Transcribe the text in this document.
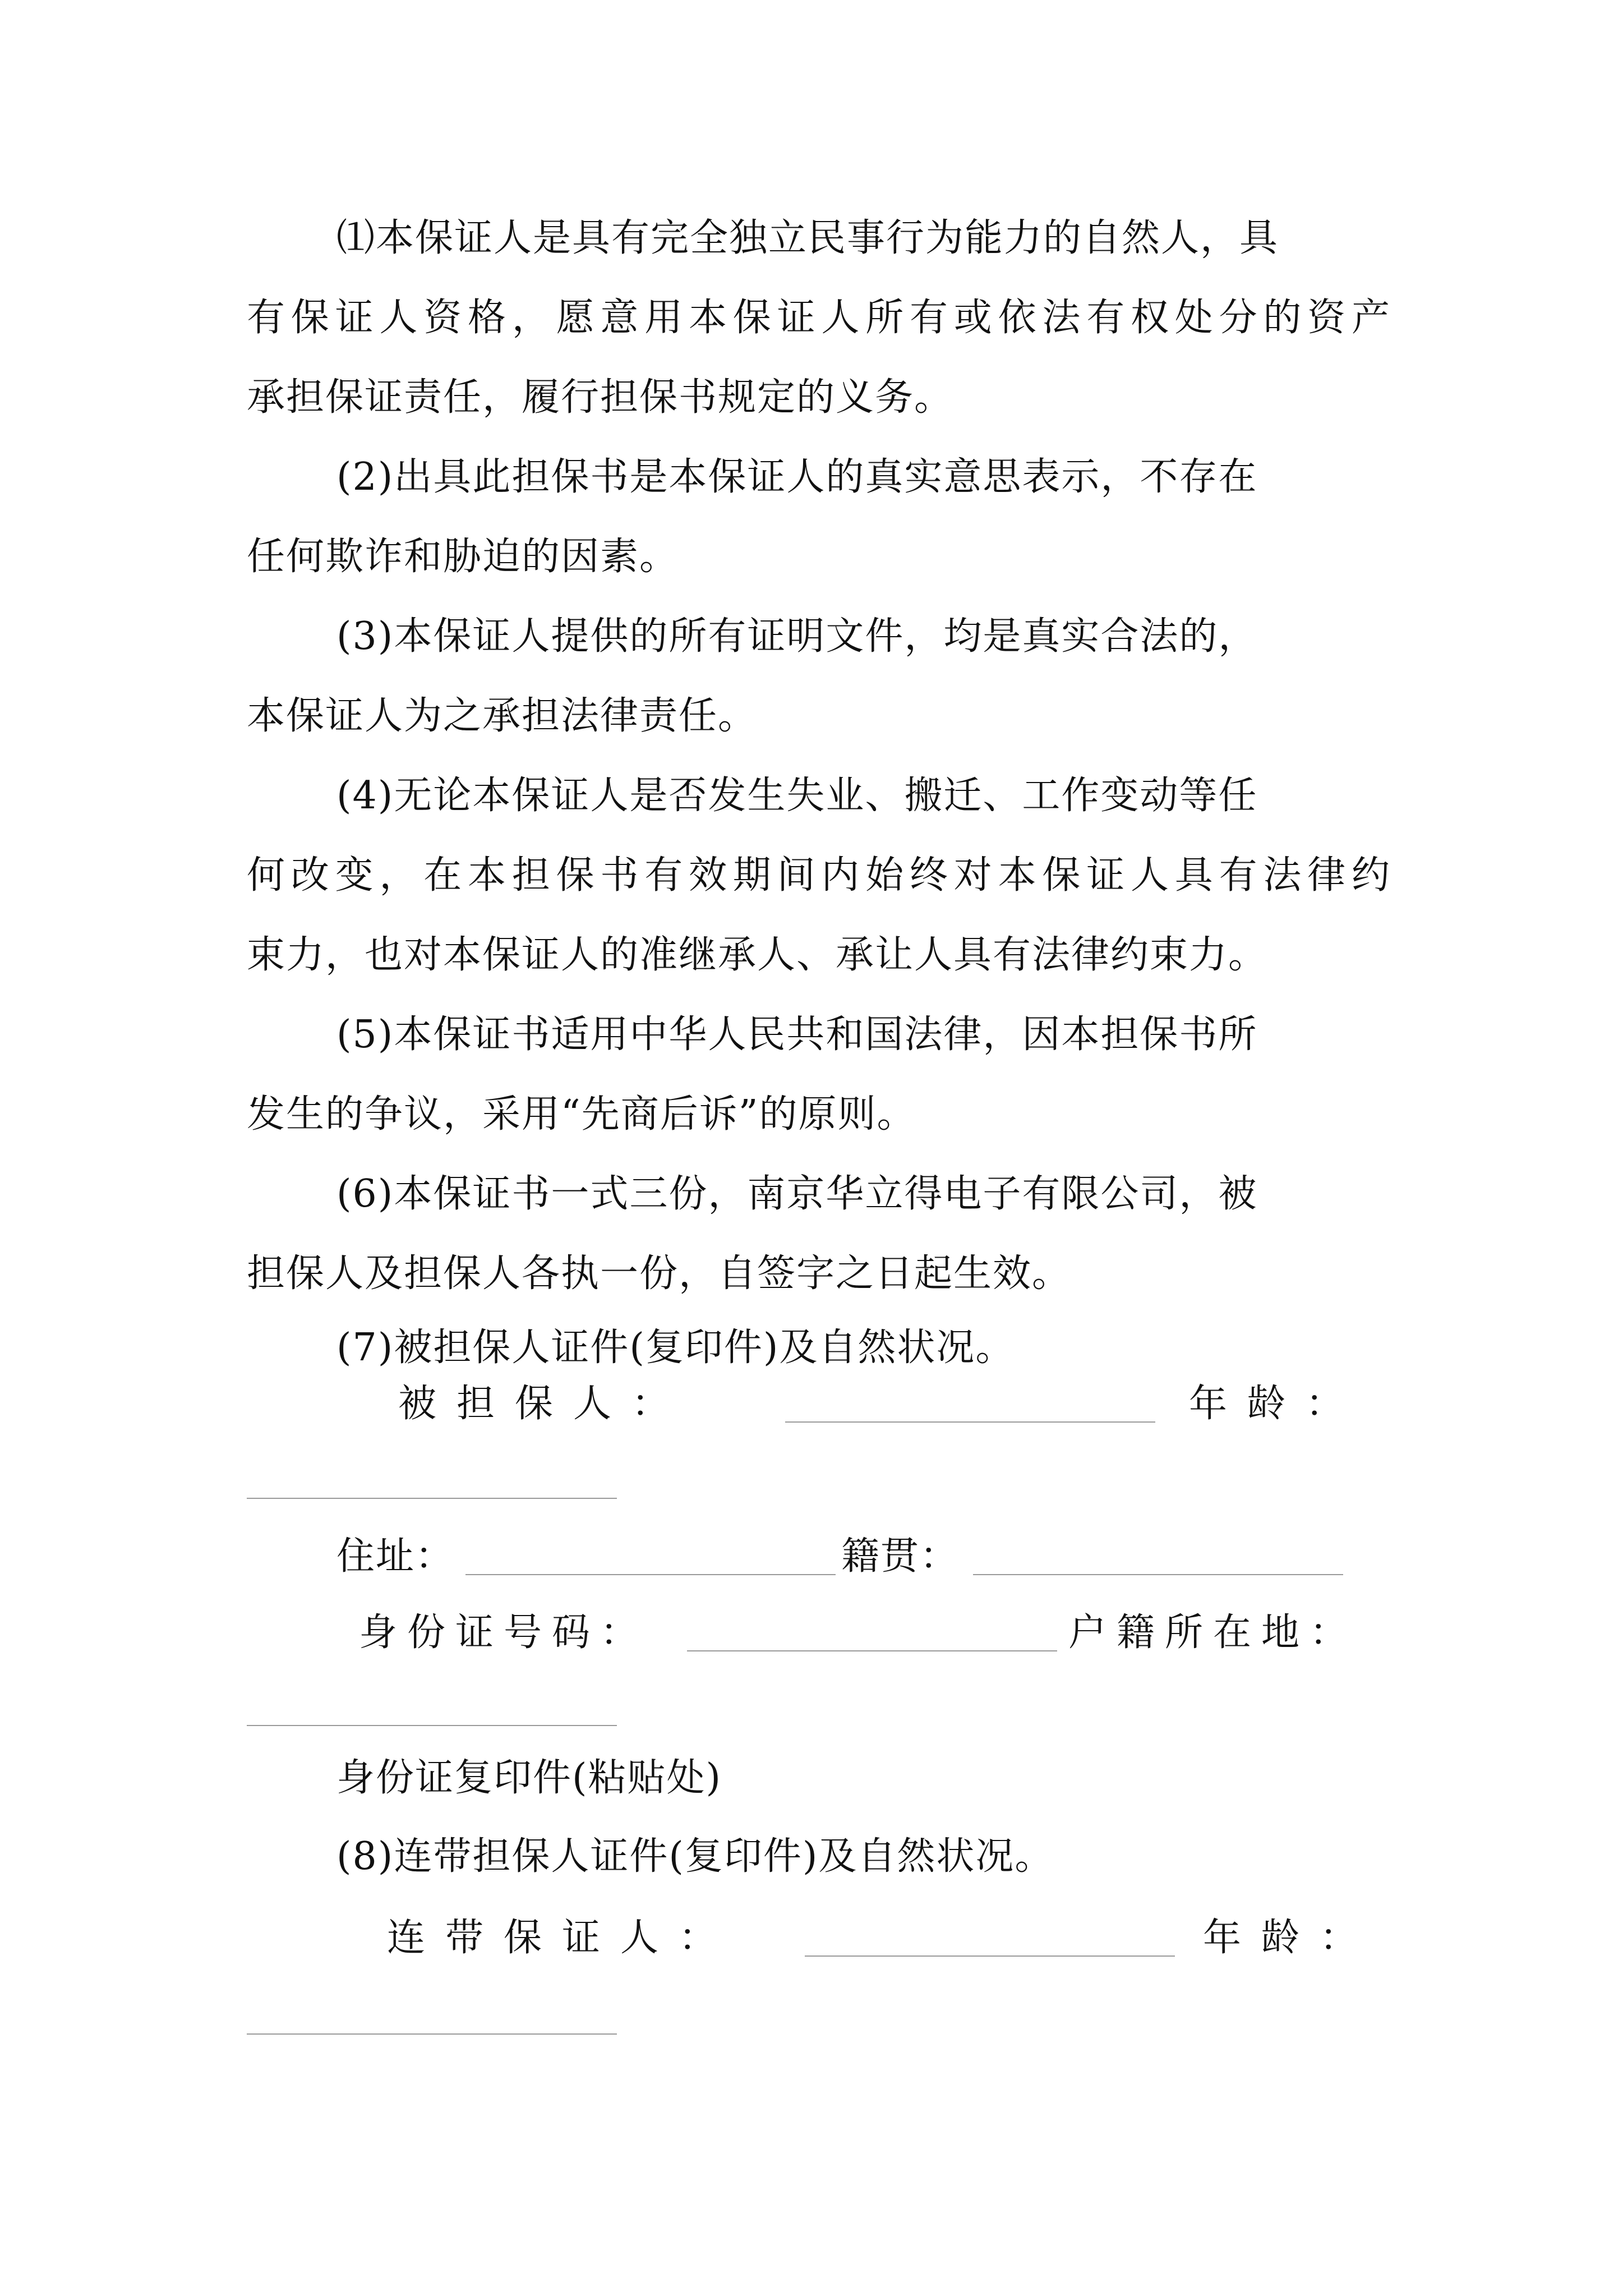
⑴本保证人是具有完全独立民事行为能力的自然人，具
有保证人资格，愿意用本保证人所有或依法有权处分的资产
承担保证责任，履行担保书规定的义务。
(2)出具此担保书是本保证人的真实意思表示，不存在
任何欺诈和胁迫的因素。
(3)本保证人提供的所有证明文件，均是真实合法的，
本保证人为之承担法律责任。
(4)无论本保证人是否发生失业、搬迁、工作变动等任
何改变，在本担保书有效期间内始终对本保证人具有法律约
束力，也对本保证人的准继承人、承让人具有法律约束力。
(5)本保证书适用中华人民共和国法律，因本担保书所
发生的争议，采用“先商后诉”的原则。
(6)本保证书一式三份，南京华立得电子有限公司，被
担保人及担保人各执一份，自签字之日起生效。
(7)被担保人证件(复印件)及自然状况。
被担保人：	年龄：
住址：	籍贯：
身份证号码：	户籍所在地：
身份证复印件(粘贴处)
(8)连带担保人证件(复印件)及自然状况。
连带保证人：	年龄：
